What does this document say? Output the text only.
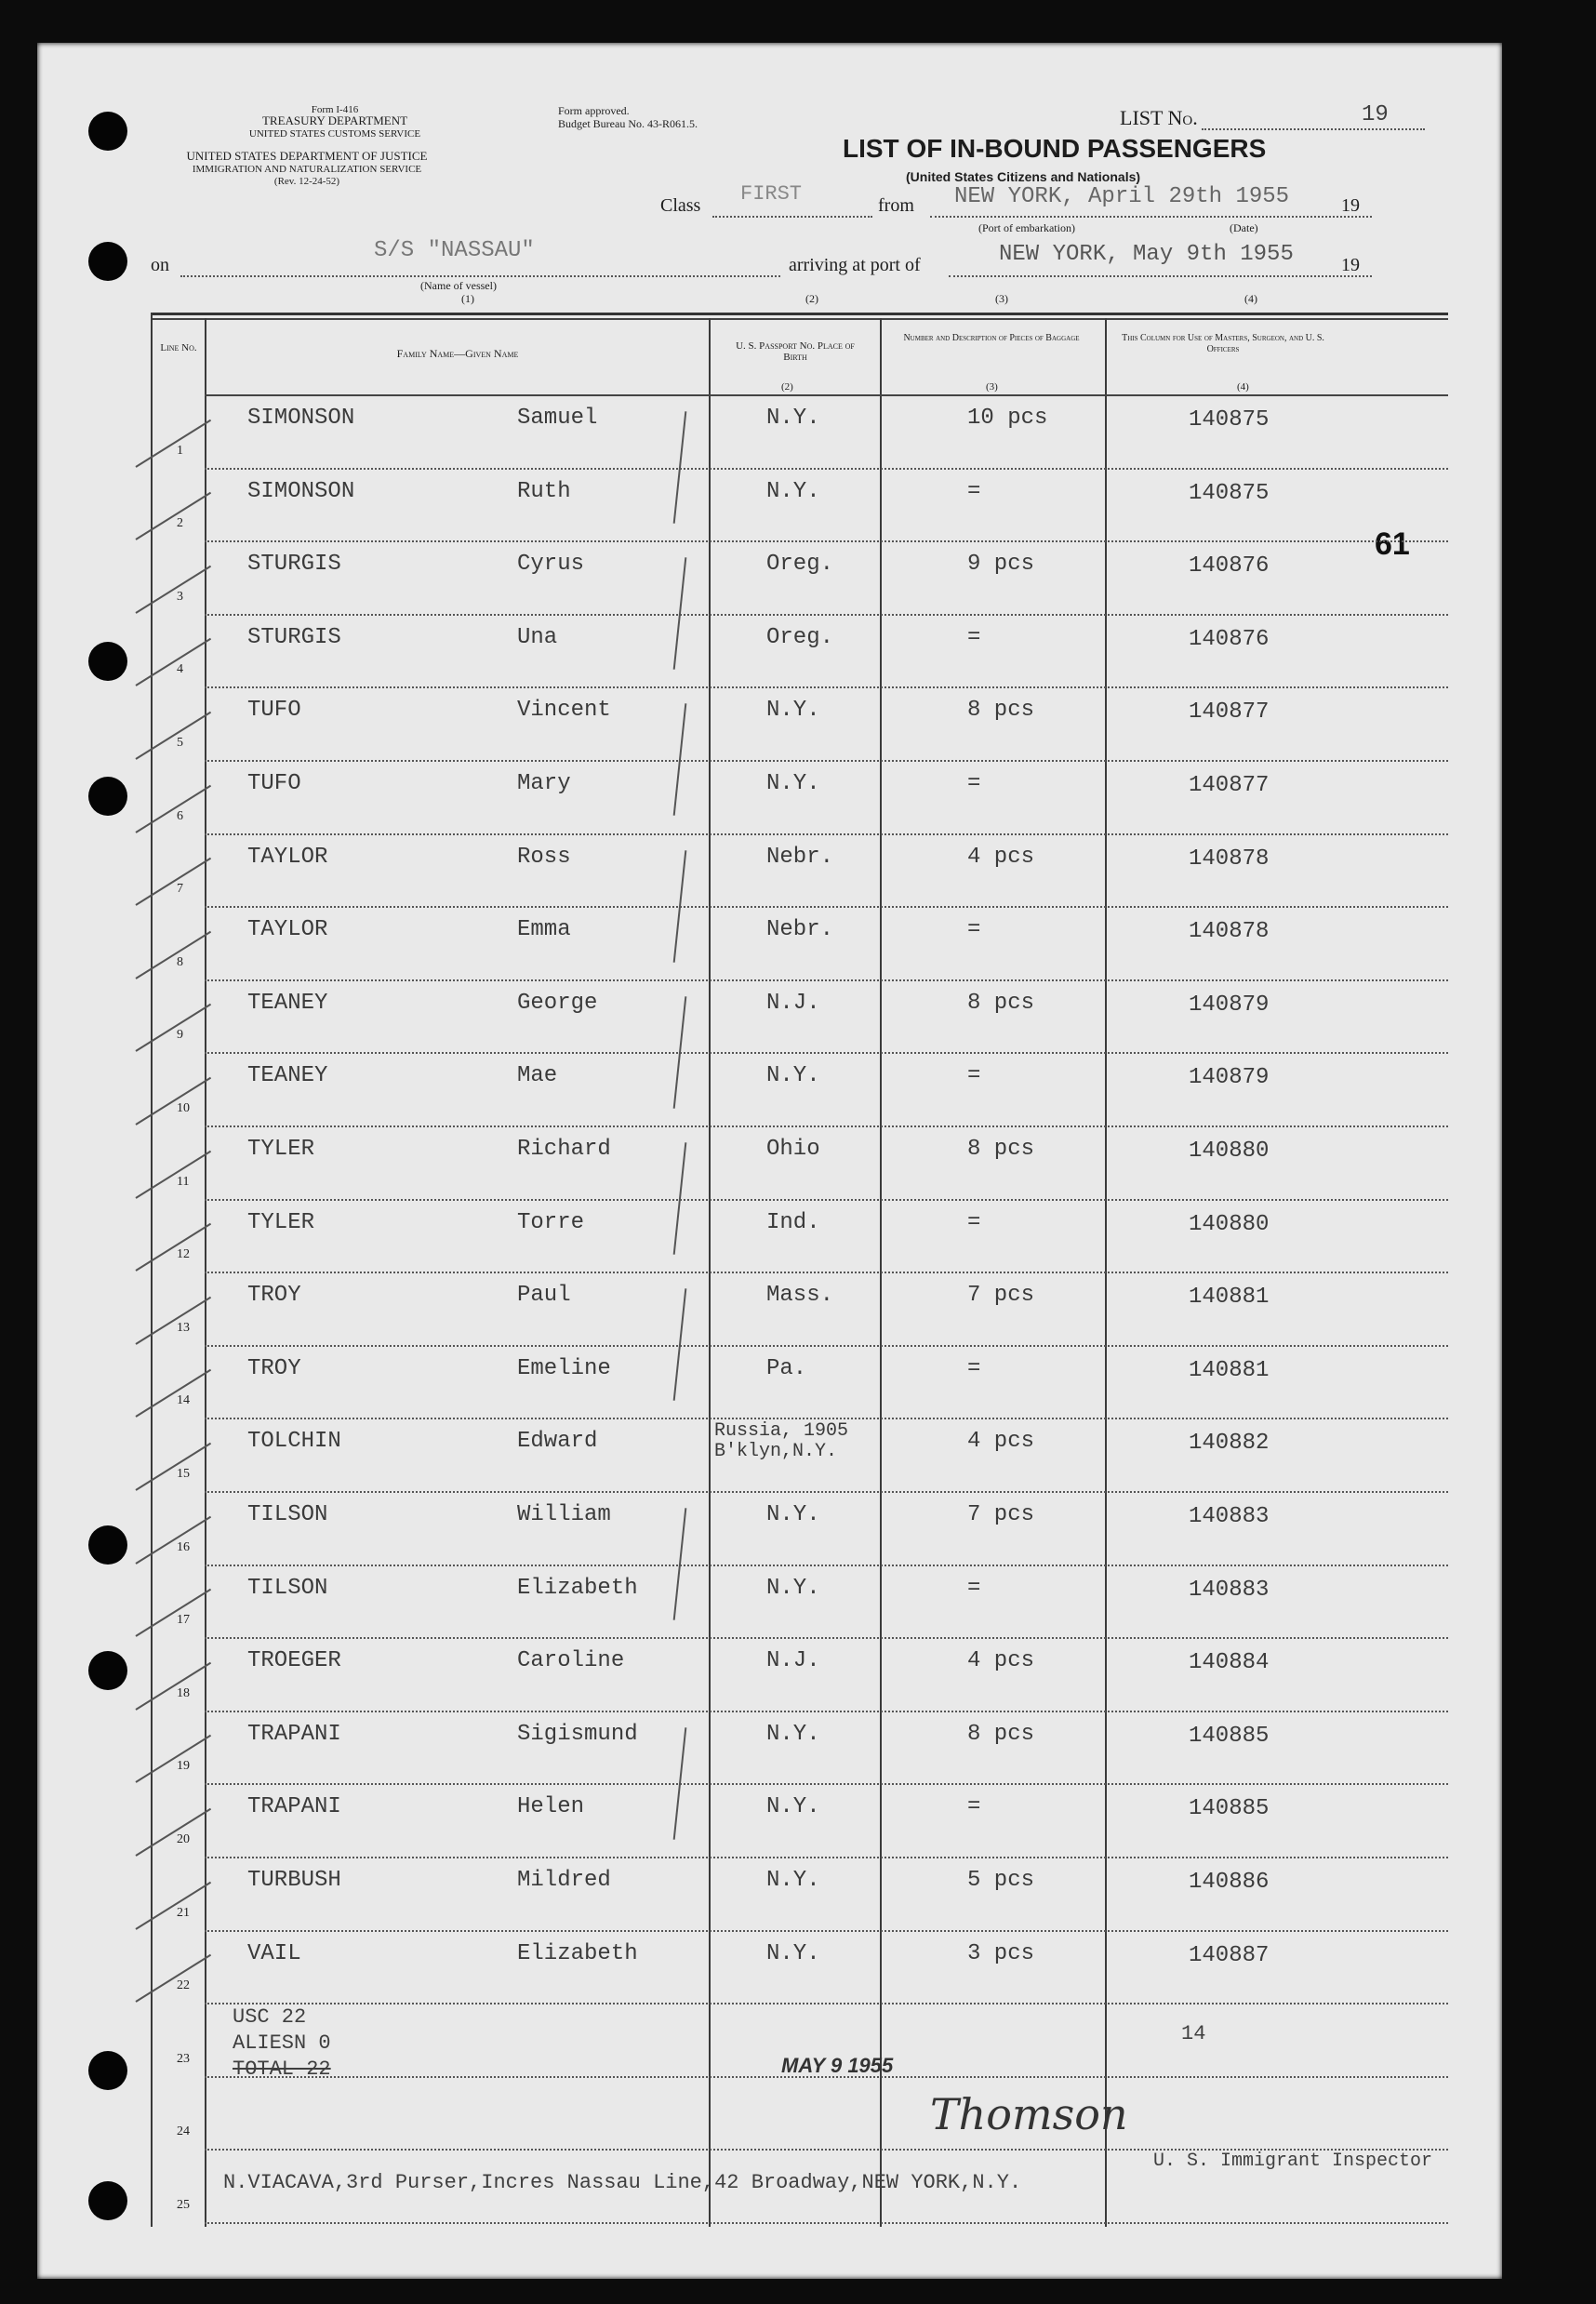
Form I-416
TREASURY DEPARTMENT
UNITED STATES CUSTOMS SERVICE
UNITED STATES DEPARTMENT OF JUSTICE
IMMIGRATION AND NATURALIZATION SERVICE
(Rev. 12-24-52)
Form approved.
Budget Bureau No. 43-R061.5.	LIST No.	19
LIST OF IN-BOUND PASSENGERS
(United States Citizens and Nationals)
Class FIRST	from NEW YORK, April 29th 1955	19
(Port of embarkation)	(Date)
on
S/S "NASSAU"
(Name of vessel)
(1)
arriving at port of	NEW YORK, May 9th 1955	19
(2)	(3)	(4)
61
Line No.	Family Name—Given Name
U. S. Passport No. Place of Birth
Number and Description of Pieces of Baggage	This Column for Use of Masters, Surgeon, and U. S. Officers
(2)	(3)	(4)
1
SIMONSON	Samuel	N.Y.	10 pcs	140875
2
SIMONSON	Ruth	N.Y.	=	140875
3
STURGIS	Cyrus	Oreg.	9 pcs	140876
4
STURGIS	Una	Oreg.	=	140876
5
TUFO	Vincent	N.Y.	8 pcs	140877
6
TUFO	Mary	N.Y.	=	140877
7
TAYLOR	Ross	Nebr.	4 pcs	140878
8
TAYLOR	Emma	Nebr.	=	140878
9
TEANEY	George	N.J.	8 pcs	140879
10
TEANEY	Mae	N.Y.	=	140879
11
TYLER	Richard	Ohio	8 pcs	140880
12
TYLER	Torre	Ind.	=	140880
13
TROY	Paul	Mass.	7 pcs	140881
14
TROY	Emeline	Pa.	=	140881
15
TOLCHIN	Edward	Russia, 1905 B'klyn,N.Y.	4 pcs	140882
16
TILSON	William	N.Y.	7 pcs	140883
17
TILSON	Elizabeth	N.Y.	=	140883
18
TROEGER	Caroline	N.J.	4 pcs	140884
19
TRAPANI	Sigismund	N.Y.	8 pcs	140885
20
TRAPANI	Helen	N.Y.	=	140885
21
TURBUSH	Mildred	N.Y.	5 pcs	140886
22
VAIL	Elizabeth	N.Y.	3 pcs	140887
23
24
25
USC 22
ALIESN 0
TOTAL 22
14
MAY 9 1955
Thomson
U. S. Immigrant Inspector
N.VIACAVA,3rd Purser,Incres Nassau Line,42 Broadway,NEW YORK,N.Y.
